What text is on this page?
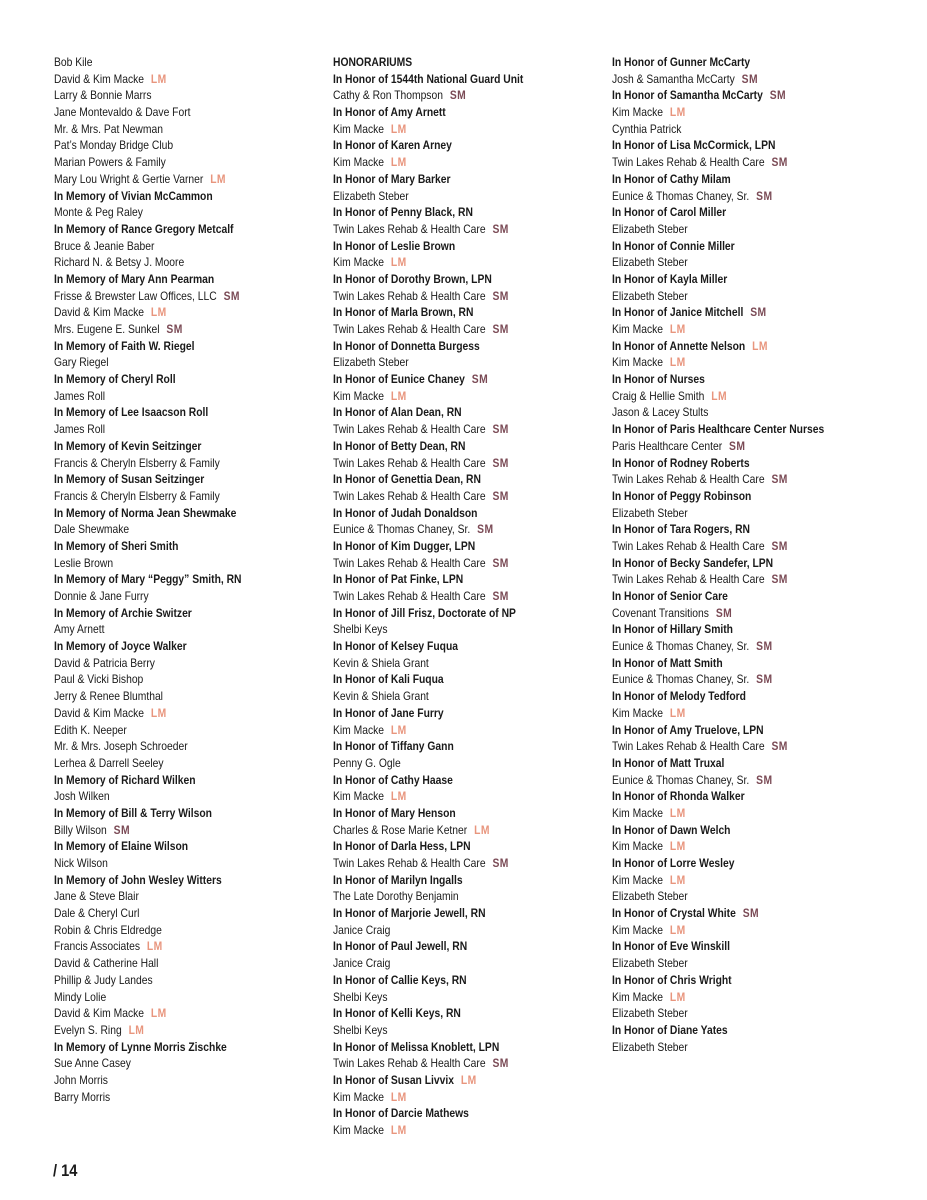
Bob Kile
David & Kim Macke LM
Larry & Bonnie Marrs
Jane Montevaldo & Dave Fort
Mr. & Mrs. Pat Newman
Pat’s Monday Bridge Club
Marian Powers & Family
Mary Lou Wright & Gertie Varner LM
In Memory of Vivian McCammon
Monte & Peg Raley
In Memory of Rance Gregory Metcalf
Bruce & Jeanie Baber
Richard N. & Betsy J. Moore
In Memory of Mary Ann Pearman
Frisse & Brewster Law Offices, LLC SM
David & Kim Macke LM
Mrs. Eugene E. Sunkel SM
In Memory of Faith W. Riegel
Gary Riegel
In Memory of Cheryl Roll
James Roll
In Memory of Lee Isaacson Roll
James Roll
In Memory of Kevin Seitzinger
Francis & Cheryln Elsberry & Family
In Memory of Susan Seitzinger
Francis & Cheryln Elsberry & Family
In Memory of Norma Jean Shewmake
Dale Shewmake
In Memory of Sheri Smith
Leslie Brown
In Memory of Mary “Peggy” Smith, RN
Donnie & Jane Furry
In Memory of Archie Switzer
Amy Arnett
In Memory of Joyce Walker
David & Patricia Berry
Paul & Vicki Bishop
Jerry & Renee Blumthal
David & Kim Macke LM
Edith K. Neeper
Mr. & Mrs. Joseph Schroeder
Lerhea & Darrell Seeley
In Memory of Richard Wilken
Josh Wilken
In Memory of Bill & Terry Wilson
Billy Wilson SM
In Memory of Elaine Wilson
Nick Wilson
In Memory of John Wesley Witters
Jane & Steve Blair
Dale & Cheryl Curl
Robin & Chris Eldredge
Francis Associates LM
David & Catherine Hall
Phillip & Judy Landes
Mindy Lolie
David & Kim Macke LM
Evelyn S. Ring LM
In Memory of Lynne Morris Zischke
Sue Anne Casey
John Morris
Barry Morris
HONORARIUMS
In Honor of 1544th National Guard Unit
Cathy & Ron Thompson SM
In Honor of Amy Arnett
Kim Macke LM
In Honor of Karen Arney
Kim Macke LM
In Honor of Mary Barker
Elizabeth Steber
In Honor of Penny Black, RN
Twin Lakes Rehab & Health Care SM
In Honor of Leslie Brown
Kim Macke LM
In Honor of Dorothy Brown, LPN
Twin Lakes Rehab & Health Care SM
In Honor of Marla Brown, RN
Twin Lakes Rehab & Health Care SM
In Honor of Donnetta Burgess
Elizabeth Steber
In Honor of Eunice Chaney SM
Kim Macke LM
In Honor of Alan Dean, RN
Twin Lakes Rehab & Health Care SM
In Honor of Betty Dean, RN
Twin Lakes Rehab & Health Care SM
In Honor of Genettia Dean, RN
Twin Lakes Rehab & Health Care SM
In Honor of Judah Donaldson
Eunice & Thomas Chaney, Sr. SM
In Honor of Kim Dugger, LPN
Twin Lakes Rehab & Health Care SM
In Honor of Pat Finke, LPN
Twin Lakes Rehab & Health Care SM
In Honor of Jill Frisz, Doctorate of NP
Shelbi Keys
In Honor of Kelsey Fuqua
Kevin & Shiela Grant
In Honor of Kali Fuqua
Kevin & Shiela Grant
In Honor of Jane Furry
Kim Macke LM
In Honor of Tiffany Gann
Penny G. Ogle
In Honor of Cathy Haase
Kim Macke LM
In Honor of Mary Henson
Charles & Rose Marie Ketner LM
In Honor of Darla Hess, LPN
Twin Lakes Rehab & Health Care SM
In Honor of Marilyn Ingalls
The Late Dorothy Benjamin
In Honor of Marjorie Jewell, RN
Janice Craig
In Honor of Paul Jewell, RN
Janice Craig
In Honor of Callie Keys, RN
Shelbi Keys
In Honor of Kelli Keys, RN
Shelbi Keys
In Honor of Melissa Knoblett, LPN
Twin Lakes Rehab & Health Care SM
In Honor of Susan Livvix LM
Kim Macke LM
In Honor of Darcie Mathews
Kim Macke LM
In Honor of Gunner McCarty
Josh & Samantha McCarty SM
In Honor of Samantha McCarty SM
Kim Macke LM
Cynthia Patrick
In Honor of Lisa McCormick, LPN
Twin Lakes Rehab & Health Care SM
In Honor of Cathy Milam
Eunice & Thomas Chaney, Sr. SM
In Honor of Carol Miller
Elizabeth Steber
In Honor of Connie Miller
Elizabeth Steber
In Honor of Kayla Miller
Elizabeth Steber
In Honor of Janice Mitchell SM
Kim Macke LM
In Honor of Annette Nelson LM
Kim Macke LM
In Honor of Nurses
Craig & Hellie Smith LM
Jason & Lacey Stults
In Honor of Paris Healthcare Center Nurses
Paris Healthcare Center SM
In Honor of Rodney Roberts
Twin Lakes Rehab & Health Care SM
In Honor of Peggy Robinson
Elizabeth Steber
In Honor of Tara Rogers, RN
Twin Lakes Rehab & Health Care SM
In Honor of Becky Sandefer, LPN
Twin Lakes Rehab & Health Care SM
In Honor of Senior Care
Covenant Transitions SM
In Honor of Hillary Smith
Eunice & Thomas Chaney, Sr. SM
In Honor of Matt Smith
Eunice & Thomas Chaney, Sr. SM
In Honor of Melody Tedford
Kim Macke LM
In Honor of Amy Truelove, LPN
Twin Lakes Rehab & Health Care SM
In Honor of Matt Truxal
Eunice & Thomas Chaney, Sr. SM
In Honor of Rhonda Walker
Kim Macke LM
In Honor of Dawn Welch
Kim Macke LM
In Honor of Lorre Wesley
Kim Macke LM
Elizabeth Steber
In Honor of Crystal White SM
Kim Macke LM
In Honor of Eve Winskill
Elizabeth Steber
In Honor of Chris Wright
Kim Macke LM
Elizabeth Steber
In Honor of Diane Yates
Elizabeth Steber
/ 14
